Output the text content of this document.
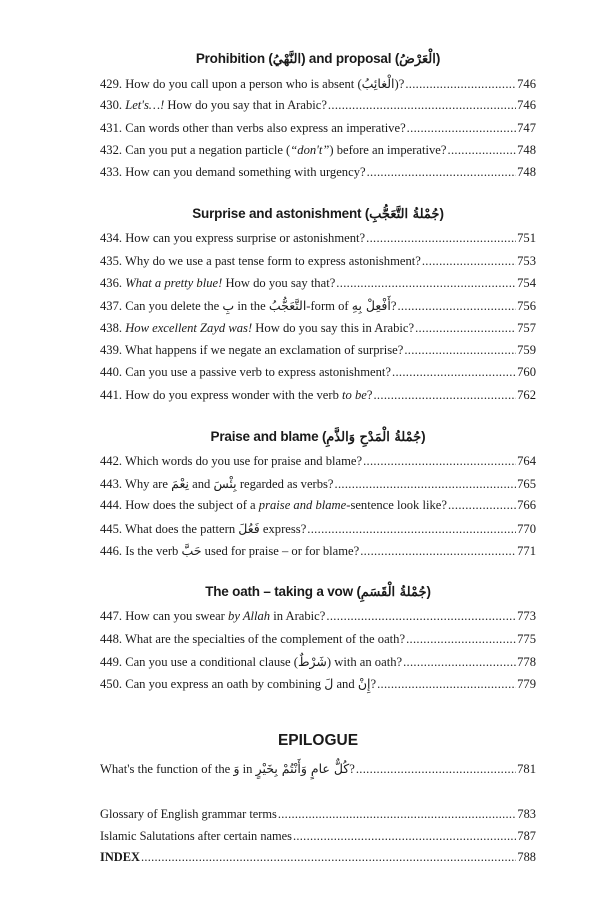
Prohibition (النَّهْيُ) and proposal (الْعَرْضُ)
429. How do you call upon a person who is absent (الْغائِبُ)? .....	746
430. Let's…! How do you say that in Arabic? .....	746
431. Can words other than verbs also express an imperative? .....	747
432. Can you put a negation particle (“don't”) before an imperative? .....	748
433. How can you demand something with urgency? .....	748
Surprise and astonishment (جُمْلةُ التَّعَجُّبِ)
434. How can you express surprise or astonishment? .....	751
435. Why do we use a past tense form to express astonishment? .....	753
436. What a pretty blue! How do you say that? .....	754
437. Can you delete the بِ in the التَّعَجُّبُ-form of أَفْعِلْ بِهِ? .....	756
438. How excellent Zayd was! How do you say this in Arabic? .....	757
439. What happens if we negate an exclamation of surprise? .....	759
440. Can you use a passive verb to express astonishment? .....	760
441. How do you express wonder with the verb to be? .....	762
Praise and blame (جُمْلةُ الْمَدْحِ وَالذَّمِ)
442. Which words do you use for praise and blame? .....	764
443. Why are نِعْمَ and بِئْسَ regarded as verbs? .....	765
444. How does the subject of a praise and blame-sentence look like? .....	766
445. What does the pattern فَعُلَ express? .....	770
446. Is the verb حَبَّ used for praise – or for blame? .....	771
The oath – taking a vow (جُمْلةُ الْقَسَمِ)
447. How can you swear by Allah in Arabic? .....	773
448. What are the specialties of the complement of the oath? .....	775
449. Can you use a conditional clause (شَرْطٌ) with an oath? .....	778
450. Can you express an oath by combining لَ and إِنْ? .....	779
EPILOGUE
What's the function of the وَ in كُلٌّ عامٍ وَأَنْتُمْ بِخَيْرٍ? .....	781
Glossary of English grammar terms .....	783
Islamic Salutations after certain names .....	787
INDEX .....	788
